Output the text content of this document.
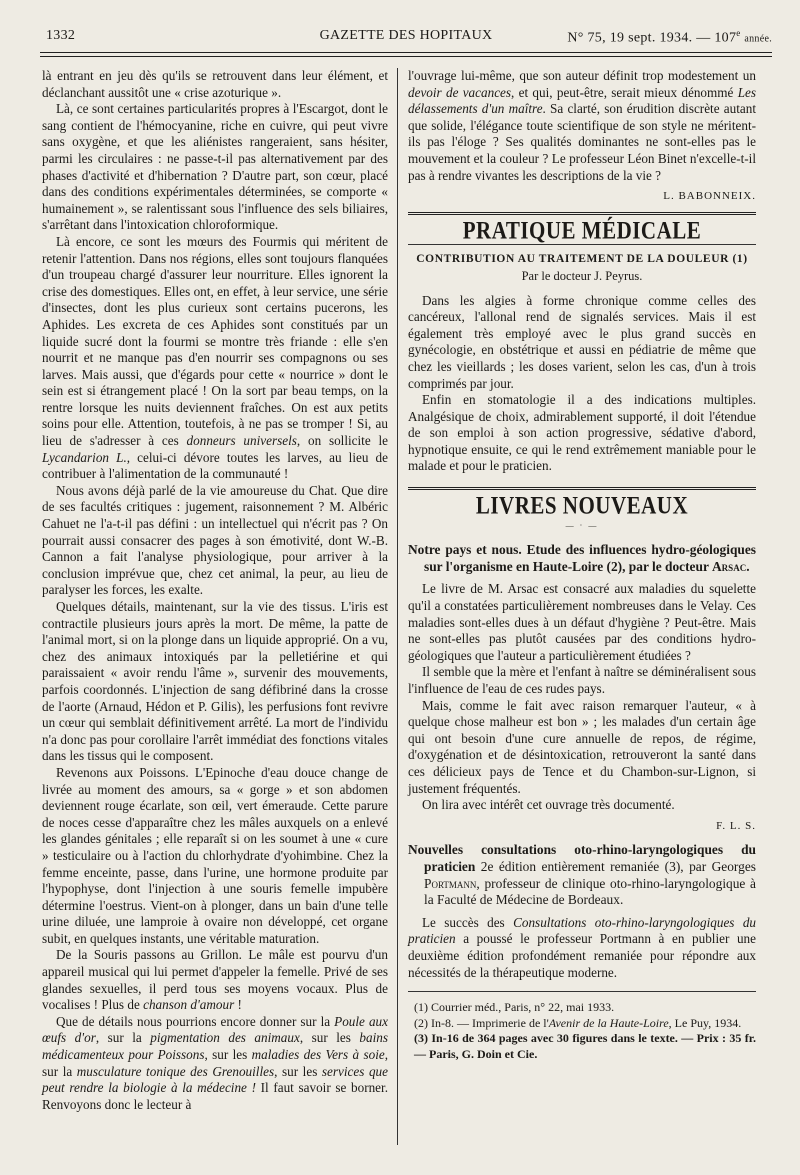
1332	GAZETTE DES HOPITAUX	N° 75, 19 sept. 1934. — 107e année.

là entrant en jeu dès qu'ils se retrouvent dans leur élément, et déclanchant aussitôt une « crise azoturique ».

Là, ce sont certaines particularités propres à l'Escargot, dont le sang contient de l'hémocyanine, riche en cuivre, qui peut vivre sans oxygène, et que les aliénistes rangeraient, sans hésiter, parmi les circulaires : ne passe-t-il pas alternativement par des phases d'activité et d'hibernation ? D'autre part, son cœur, placé dans des conditions expérimentales déterminées, se comporte « humainement », se ralentissant sous l'influence des sels biliaires, s'arrêtant dans l'intoxication chloroformique.

Là encore, ce sont les mœurs des Fourmis qui méritent de retenir l'attention. Dans nos régions, elles sont toujours flanquées d'un troupeau chargé d'assurer leur nourriture. Elles ignorent la crise des domestiques. Elles ont, en effet, à leur service, une série d'insectes, dont les plus curieux sont certains pucerons, les Aphides. Les excreta de ces Aphides sont constitués par un liquide sucré dont la fourmi se montre très friande : elle s'en nourrit et ne manque pas d'en nourrir ses compagnons ou ses larves. Mais aussi, que d'égards pour cette « nourrice » dont le sein est si étrangement placé ! On la sort par beau temps, on la rentre lorsque les nuits deviennent fraîches. On est aux petits soins pour elle. Attention, toutefois, à ne pas se tromper ! Si, au lieu de s'adresser à ces donneurs universels, on sollicite le Lycandarion L., celui-ci dévore toutes les larves, au lieu de contribuer à l'alimentation de la communauté !

Nous avons déjà parlé de la vie amoureuse du Chat. Que dire de ses facultés critiques : jugement, raisonnement ? M. Albéric Cahuet ne l'a-t-il pas défini : un intellectuel qui n'écrit pas ? On pourrait aussi consacrer des pages à son émotivité, dont W.-B. Cannon a fait l'analyse physiologique, pour arriver à la conclusion imprévue que, chez cet animal, la peur, au lieu de paralyser les forces, les exalte.

Quelques détails, maintenant, sur la vie des tissus. L'iris est contractile plusieurs jours après la mort. De même, la patte de l'animal mort, si on la plonge dans un liquide approprié. On a vu, chez des animaux intoxiqués par la pelletiérine et qui paraissaient « avoir rendu l'âme », survenir des mouvements, parfois coordonnés. L'injection de sang défibriné dans la crosse de l'aorte (Arnaud, Hédon et P. Gilis), les perfusions font revivre un cœur qui semblait définitivement arrêté. La mort de l'individu n'a donc pas pour corollaire l'arrêt immédiat des fonctions vitales dans les tissus qui le composent.

Revenons aux Poissons. L'Epinoche d'eau douce change de livrée au moment des amours, sa « gorge » et son abdomen deviennent rouge écarlate, son œil, vert émeraude. Cette parure de noces cesse d'apparaître chez les mâles auxquels on a enlevé les glandes génitales ; elle reparaît si on les soumet à une « cure » testiculaire ou à l'action du chlorhydrate d'yohimbine. Chez la femme enceinte, passe, dans l'urine, une hormone produite par l'hypophyse, dont l'injection à une souris femelle impubère détermine l'oestrus. Vient-on à plonger, dans un bain d'une telle urine diluée, une lamproie à ovaire non développé, cet organe subit, en quelques instants, une véritable maturation.

De la Souris passons au Grillon. Le mâle est pourvu d'un appareil musical qui lui permet d'appeler la femelle. Privé de ses glandes sexuelles, il perd tous ses moyens vocaux. Plus de vocalises ! Plus de chanson d'amour !

Que de détails nous pourrions encore donner sur la Poule aux œufs d'or, sur la pigmentation des animaux, sur les bains médicamenteux pour Poissons, sur les maladies des Vers à soie, sur la musculature tonique des Grenouilles, sur les services que peut rendre la biologie à la médecine ! Il faut savoir se borner. Renvoyons donc le lecteur à

l'ouvrage lui-même, que son auteur définit trop modestement un devoir de vacances, et qui, peut-être, serait mieux dénommé Les délassements d'un maître. Sa clarté, son érudition discrète autant que solide, l'élégance toute scientifique de son style ne méritent-ils pas l'éloge ? Ses qualités dominantes ne sont-elles pas le mouvement et la couleur ? Le professeur Léon Binet n'excelle-t-il pas à rendre vivantes les descriptions de la vie ?

L. BABONNEIX.
PRATIQUE MÉDICALE
CONTRIBUTION AU TRAITEMENT DE LA DOULEUR (1)
Par le docteur J. Peyrus.

Dans les algies à forme chronique comme celles des cancéreux, l'allonal rend de signalés services. Mais il est également très employé avec le plus grand succès en gynécologie, en obstétrique et aussi en pédiatrie de même que chez les vieillards ; les doses varient, selon les cas, d'un à trois comprimés par jour.

Enfin en stomatologie il a des indications multiples. Analgésique de choix, admirablement supporté, il doit l'étendue de son emploi à son action progressive, sédative d'abord, hypnotique ensuite, ce qui le rend extrêmement maniable pour le malade et pour le praticien.

LIVRES NOUVEAUX
— · —
Notre pays et nous. Etude des influences hydro-géologiques sur l'organisme en Haute-Loire (2), par le docteur Arsac.

Le livre de M. Arsac est consacré aux maladies du squelette qu'il a constatées particulièrement nombreuses dans le Velay. Ces maladies sont-elles dues à un défaut d'hygiène ? Peut-être. Mais ne sont-elles pas plutôt causées par des conditions hydro-géologiques que l'auteur a particulièrement étudiées ?

Il semble que la mère et l'enfant à naître se déminéralisent sous l'influence de l'eau de ces rudes pays.

Mais, comme le fait avec raison remarquer l'auteur, « à quelque chose malheur est bon » ; les malades d'un certain âge qui ont besoin d'une cure annuelle de repos, de régime, d'oxygénation et de désintoxication, retrouveront la santé dans ces délicieux pays de Tence et du Chambon-sur-Lignon, si justement fréquentés.

On lira avec intérêt cet ouvrage très documenté.

F. L. S.
Nouvelles consultations oto-rhino-laryngologiques du praticien 2e édition entièrement remaniée (3), par Georges Portmann, professeur de clinique oto-rhino-laryngologique à la Faculté de Médecine de Bordeaux.

Le succès des Consultations oto-rhino-laryngologiques du praticien a poussé le professeur Portmann à en publier une deuxième édition profondément remaniée pour répondre aux nécessités de la thérapeutique moderne.

(1) Courrier méd., Paris, n° 22, mai 1933.
(2) In-8. — Imprimerie de l'Avenir de la Haute-Loire, Le Puy, 1934.
(3) In-16 de 364 pages avec 30 figures dans le texte. — Prix : 35 fr. — Paris, G. Doin et Cie.
